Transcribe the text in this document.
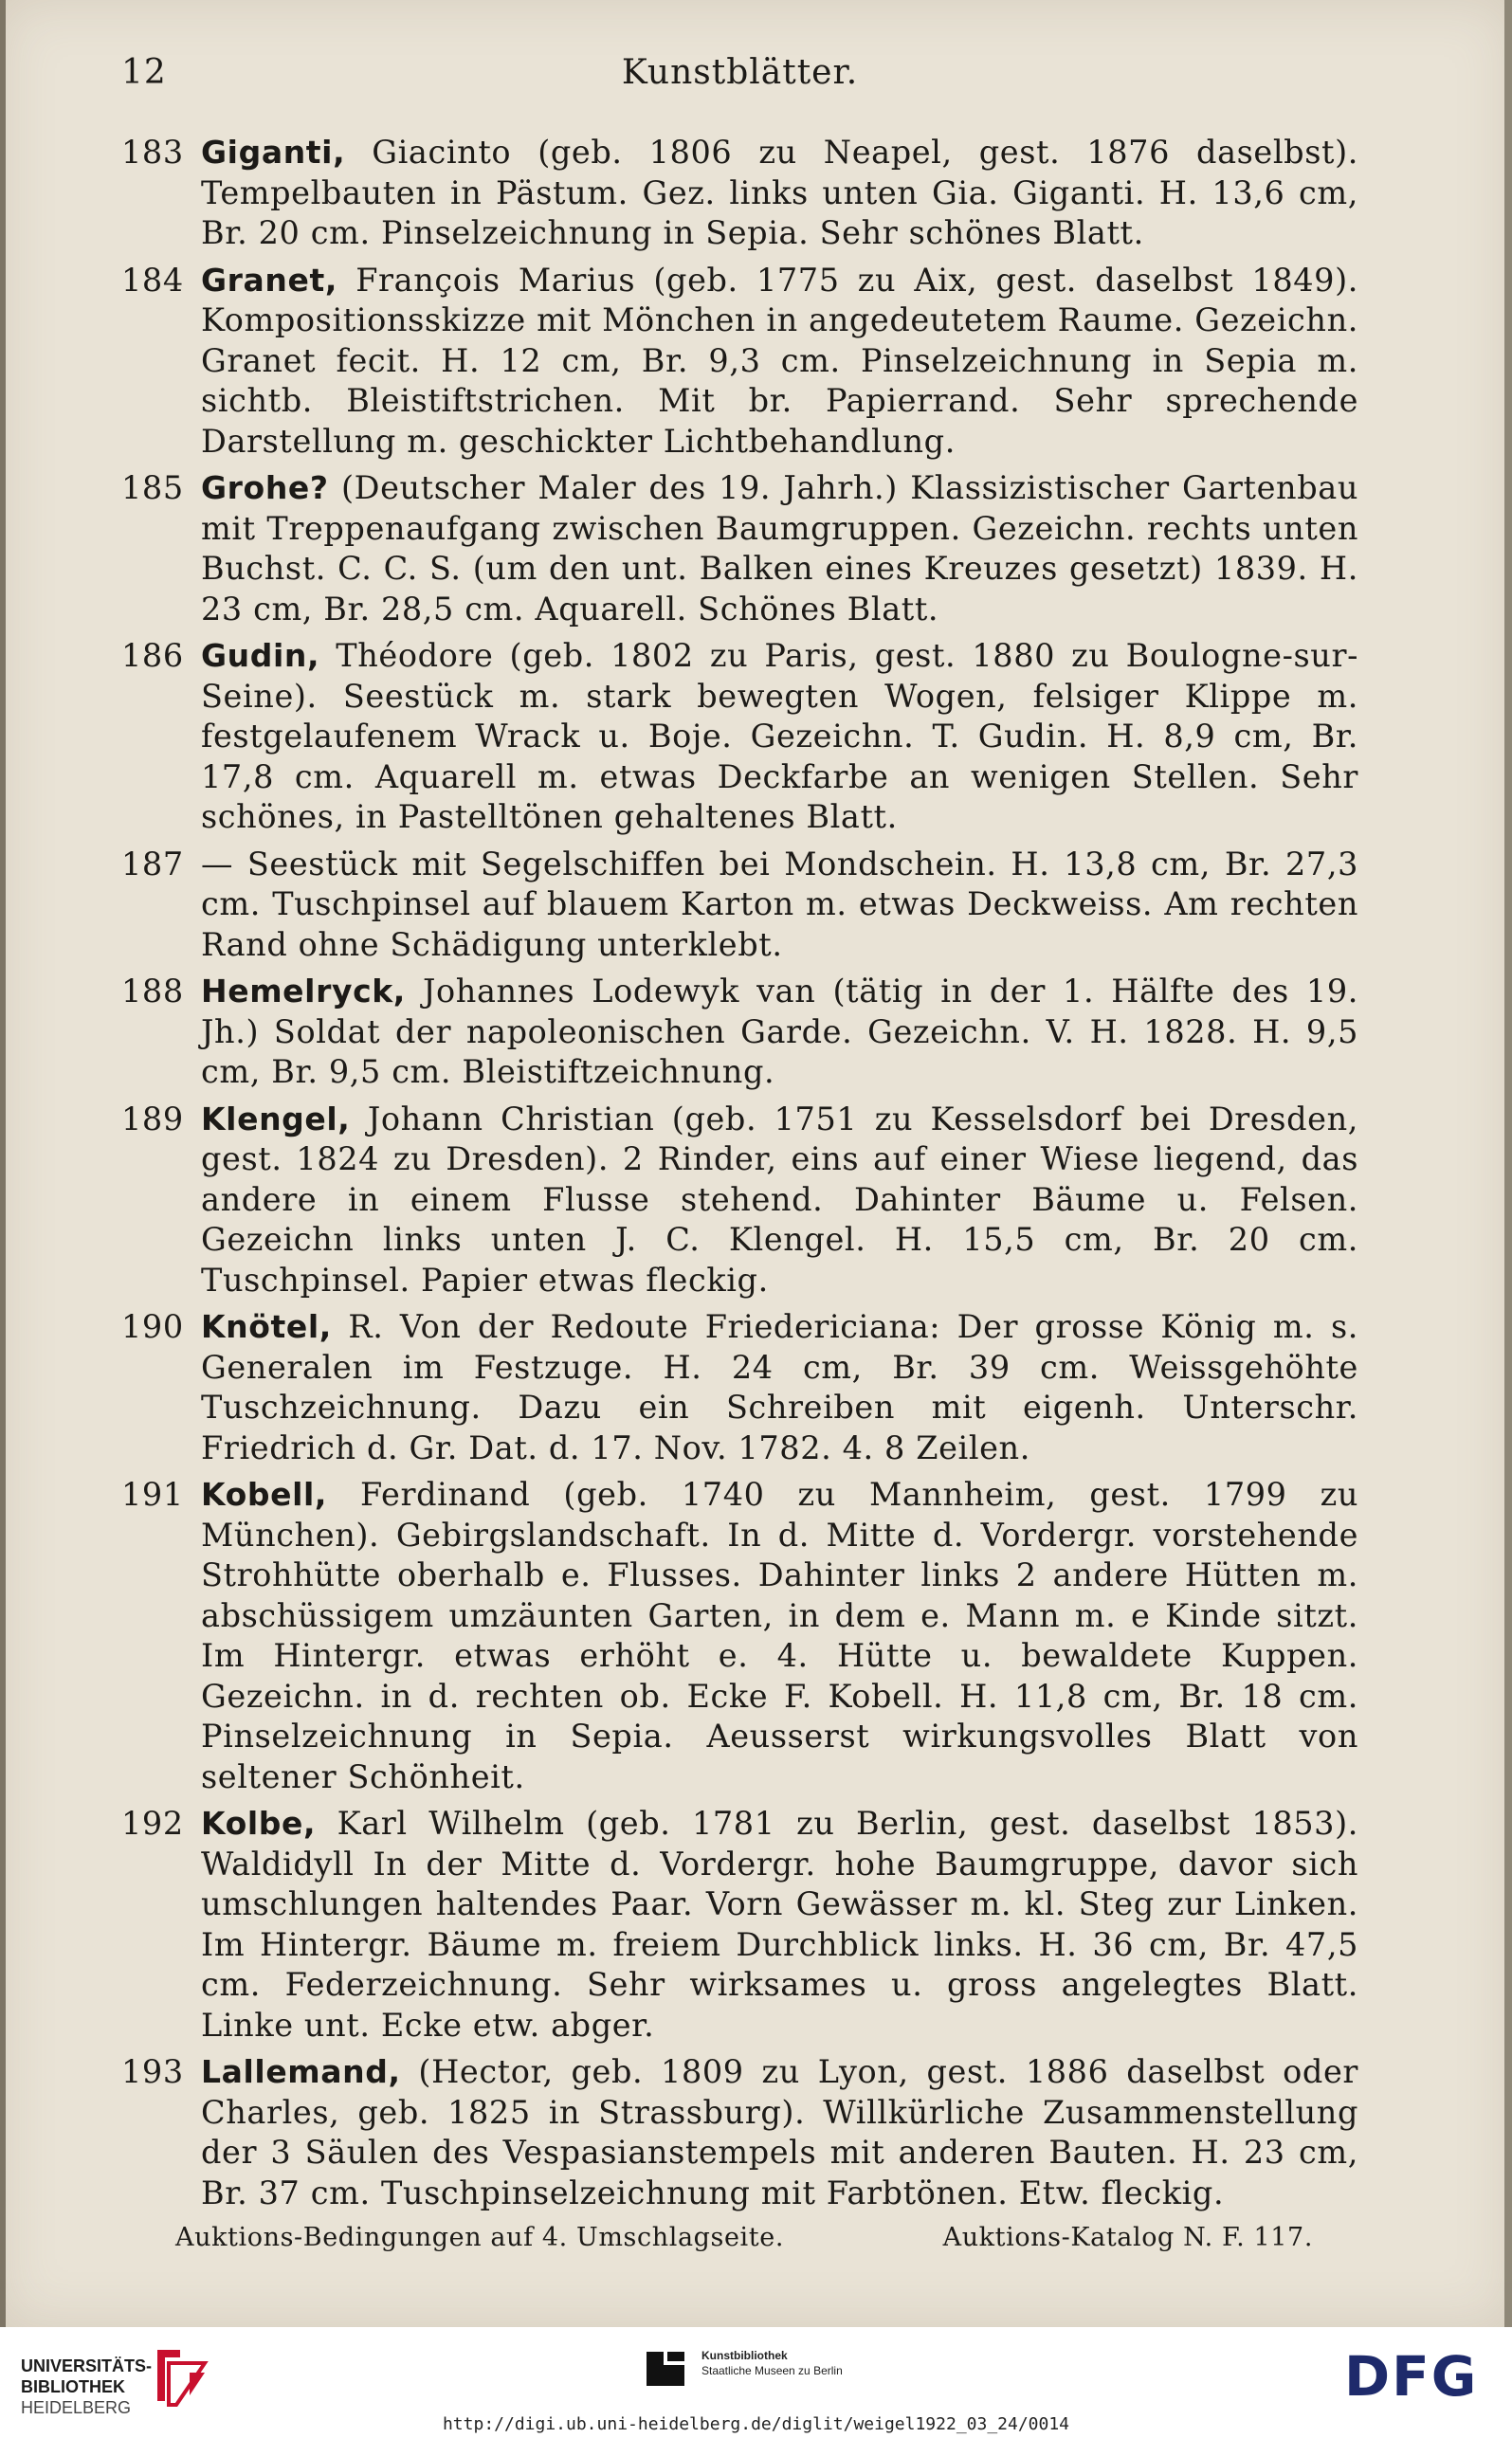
12	Kunstblätter.
183 Giganti, Giacinto (geb. 1806 zu Neapel, gest. 1876 daselbst). Tempelbauten in Pästum. Gez. links unten Gia. Giganti. H. 13,6 cm, Br. 20 cm. Pinselzeichnung in Sepia. Sehr schönes Blatt.
184 Granet, François Marius (geb. 1775 zu Aix, gest. daselbst 1849). Kompositionsskizze mit Mönchen in angedeutetem Raume. Gezeichn. Granet fecit. H. 12 cm, Br. 9,3 cm. Pinselzeichnung in Sepia m. sichtb. Bleistiftstrichen. Mit br. Papierrand. Sehr sprechende Darstellung m. geschickter Lichtbehandlung.
185 Grohe? (Deutscher Maler des 19. Jahrh.) Klassizistischer Gartenbau mit Treppenaufgang zwischen Baumgruppen. Gezeichn. rechts unten Buchst. C. C. S. (um den unt. Balken eines Kreuzes gesetzt) 1839. H. 23 cm, Br. 28,5 cm. Aquarell. Schönes Blatt.
186 Gudin, Théodore (geb. 1802 zu Paris, gest. 1880 zu Boulogne-sur-Seine). Seestück m. stark bewegten Wogen, felsiger Klippe m. festgelaufenem Wrack u. Boje. Gezeichn. T. Gudin. H. 8,9 cm, Br. 17,8 cm. Aquarell m. etwas Deckfarbe an wenigen Stellen. Sehr schönes, in Pastelltönen gehaltenes Blatt.
187 — Seestück mit Segelschiffen bei Mondschein. H. 13,8 cm, Br. 27,3 cm. Tuschpinsel auf blauem Karton m. etwas Deckweiss. Am rechten Rand ohne Schädigung unterklebt.
188 Hemelryck, Johannes Lodewyk van (tätig in der 1. Hälfte des 19. Jh.) Soldat der napoleonischen Garde. Gezeichn. V. H. 1828. H. 9,5 cm, Br. 9,5 cm. Bleistiftzeichnung.
189 Klengel, Johann Christian (geb. 1751 zu Kesselsdorf bei Dresden, gest. 1824 zu Dresden). 2 Rinder, eins auf einer Wiese liegend, das andere in einem Flusse stehend. Dahinter Bäume u. Felsen. Gezeichn links unten J. C. Klengel. H. 15,5 cm, Br. 20 cm. Tuschpinsel. Papier etwas fleckig.
190 Knötel, R. Von der Redoute Friedericiana: Der grosse König m. s. Generalen im Festzuge. H. 24 cm, Br. 39 cm. Weissgehöhte Tuschzeichnung. Dazu ein Schreiben mit eigenh. Unterschr. Friedrich d. Gr. Dat. d. 17. Nov. 1782. 4. 8 Zeilen.
191 Kobell, Ferdinand (geb. 1740 zu Mannheim, gest. 1799 zu München). Gebirgslandschaft. In d. Mitte d. Vordergr. vorstehende Strohhütte oberhalb e. Flusses. Dahinter links 2 andere Hütten m. abschüssigem umzäunten Garten, in dem e. Mann m. e Kinde sitzt. Im Hintergr. etwas erhöht e. 4. Hütte u. bewaldete Kuppen. Gezeichn. in d. rechten ob. Ecke F. Kobell. H. 11,8 cm, Br. 18 cm. Pinselzeichnung in Sepia. Aeusserst wirkungsvolles Blatt von seltener Schönheit.
192 Kolbe, Karl Wilhelm (geb. 1781 zu Berlin, gest. daselbst 1853). Waldidyll In der Mitte d. Vordergr. hohe Baumgruppe, davor sich umschlungen haltendes Paar. Vorn Gewässer m. kl. Steg zur Linken. Im Hintergr. Bäume m. freiem Durchblick links. H. 36 cm, Br. 47,5 cm. Federzeichnung. Sehr wirksames u. gross angelegtes Blatt. Linke unt. Ecke etw. abger.
193 Lallemand, (Hector, geb. 1809 zu Lyon, gest. 1886 daselbst oder Charles, geb. 1825 in Strassburg). Willkürliche Zusammenstellung der 3 Säulen des Vespasianstempels mit anderen Bauten. H. 23 cm, Br. 37 cm. Tuschpinselzeichnung mit Farbtönen. Etw. fleckig.
Auktions-Bedingungen auf 4. Umschlagseite.	Auktions-Katalog N. F. 117.
UNIVERSITÄTS-
BIBLIOTHEK
HEIDELBERG
Kunstbibliothek
Staatliche Museen zu Berlin	DFG
http://digi.ub.uni-heidelberg.de/diglit/weigel1922_03_24/0014
